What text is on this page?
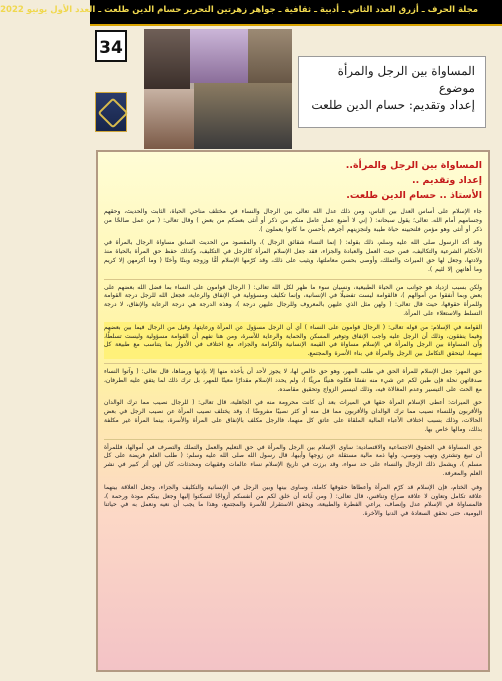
مجلة الحرف ـ أزرق العدد الثاني ـ أدبية ـ ثقافية ـ جواهر زهرتين التحرير حسام الدين طلعت ـ العدد الأول يونيو 2022
34
المساواة بين الرجل والمرأة
موضوع
إعداد وتقديم: حسام الدين طلعت
المساواة بين الرجل والمرأة..
إعداد وتقديم ..
الأستاذ .. حسام الدين طلعت.

جاء الإسلام على أساس العدل بين الناس، ومن ذلك عدل الله تعالى بين الرجال والنساء في مختلف مناحي الحياة، الثابت والحديث، وحقهم وجسامهم أمام الله. تعالى؛ يقول سبحانه: ( إني لا أضيع عمل عامل منكم من ذكر أو أنثى بعضكم من بعض ) وقال تعالى: ( من عمل صالحًا من ذكر أو أنثى وهو مؤمن فلنحيينه حياة طيبة ولنجزينهم أجرهم بأحسن ما كانوا يعملون ).

وقد أكد الرسول صلى الله عليه وسلم، ذلك بقوله: ( إنما النساء شقائق الرجال )، والمقصود من الحديث السابق مساواة الرجال بالمرأة في الأحكام الشرعية والتكاليف، فمن حيث العمل والعبادة والجزاء، فقد جعل الإسلام المرأة كالرجل في التكليف، وكذلك حفظ حق المرأة بالحياة منذ ولادتها، وجعل لها حق الميراث والتملك، وأوصى بحسن معاملتها، ويثيب على ذلك، وقد كرّمها الإسلام أمًّا وزوجة وبنتًا وأختًا ( وما أكرمهن إلا كريم وما أهانهن إلا لئيم ).

ولكن بسبب ازدياد هو جوانب من الحياة الطبيعية، ونسيان سوء ما ظهر لكل الله تعالى: ( الرجال قوامون على النساء بما فضل الله بعضهم على بعض وبما أنفقوا من أموالهم )، فالقوامة ليست تفضيلًا في الإنسانية، وإنما تكليف ومسؤولية في الإنفاق والرعاية، فجعل الله للرجل درجة القوامة وللمرأة حقوقها، حيث قال تعالى: ( ولهن مثل الذي عليهن بالمعروف وللرجال عليهن درجة )، وهذه الدرجة هي درجة الرعاية والإنفاق، لا درجة التسلط والاستعلاء على المرأة.

القوامة في الإسلام: من قوله تعالى: ( الرجال قوامون على النساء ) أي أن الرجل مسؤول عن المرأة ورعايتها، وقيل من الرجال فيما بين بعضهم وفيما ينفقون، وذلك أن الرجل عليه واجب الإنفاق وتوفير المسكن والحماية والرعاية للأسرة، ومن هنا نفهم أن القوامة مسؤولية وليست تسلطًا، وأن المساواة بين الرجل والمرأة في الإسلام مساواة في القيمة الإنسانية والكرامة والجزاء، مع اختلاف في الأدوار بما يتناسب مع طبيعة كل منهما، ليتحقق التكامل بين الرجل والمرأة في بناء الأسرة والمجتمع.

حق المهر: جعل الإسلام للمرأة الحق في طلب المهر، وهو حق خالص لها، لا يجوز لأحد أن يأخذه منها إلا بإذنها ورضاها، قال تعالى: ( وآتوا النساء صدقاتهن نحلة فإن طبن لكم عن شيء منه نفسًا فكلوه هنيئًا مريئًا )، ولم يحدد الإسلام مقدارًا معينًا للمهر، بل ترك ذلك لما يتفق عليه الطرفان، مع الحث على التيسير وعدم المغالاة فيه، وذلك لتيسير الزواج وتحقيق مقاصده.

حق الميراث: أعطى الإسلام المرأة حقها في الميراث بعد أن كانت محرومة منه في الجاهلية، قال تعالى: ( للرجال نصيب مما ترك الوالدان والأقربون وللنساء نصيب مما ترك الوالدان والأقربون مما قل منه أو كثر نصيبًا مفروضًا )، وقد يختلف نصيب المرأة عن نصيب الرجل في بعض الحالات، وذلك بسبب اختلاف الأعباء المالية الملقاة على عاتق كل منهما، فالرجل مكلف بالإنفاق على المرأة والأسرة، بينما المرأة غير مكلفة بذلك، ومالها خاص بها.

حق المساواة في الحقوق الاجتماعية والاقتصادية: ساوى الإسلام بين الرجل والمرأة في حق التعليم والعمل والتملك والتصرف في أموالها، فللمرأة أن تبيع وتشتري وتهب وتوصي، ولها ذمة مالية مستقلة عن زوجها وأبيها، قال رسول الله صلى الله عليه وسلم: ( طلب العلم فريضة على كل مسلم )، ويشمل ذلك الرجال والنساء على حد سواء، وقد برزت في تاريخ الإسلام نساء عالمات وفقيهات ومحدثات، كان لهن أثر كبير في نشر العلم والمعرفة.

وفي الختام، فإن الإسلام قد كرّم المرأة وأعطاها حقوقها كاملة، وساوى بينها وبين الرجل في الإنسانية والتكليف والجزاء، وجعل العلاقة بينهما علاقة تكامل وتعاون لا علاقة صراع وتنافس، قال تعالى: ( ومن آياته أن خلق لكم من أنفسكم أزواجًا لتسكنوا إليها وجعل بينكم مودة ورحمة )، فالمساواة في الإسلام عدل وإنصاف، يراعي الفطرة والطبيعة، ويحقق الاستقرار للأسرة والمجتمع، وهذا ما يجب أن نعيه ونعمل به في حياتنا اليومية، حتى نحقق السعادة في الدنيا والآخرة.
